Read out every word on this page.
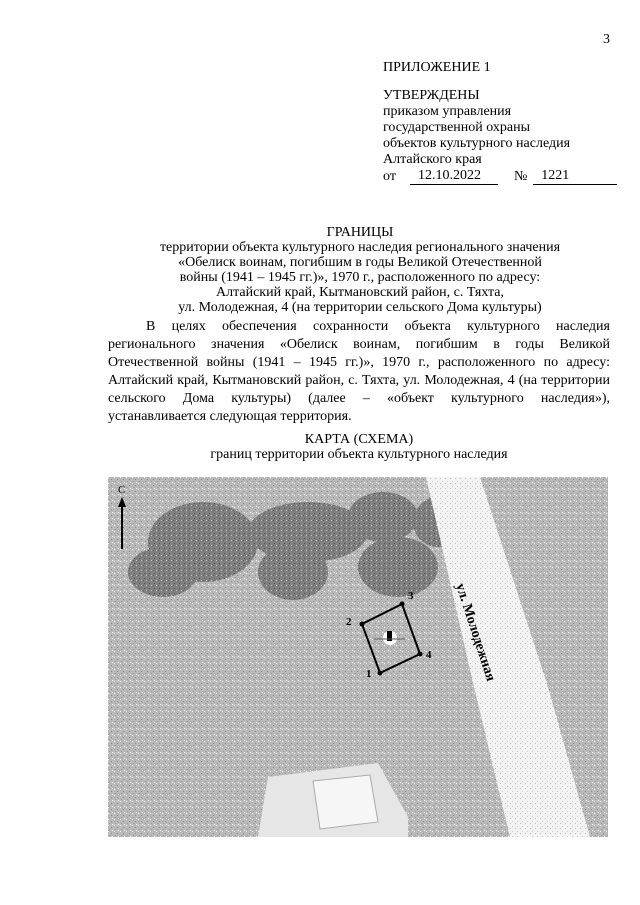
3
ПРИЛОЖЕНИЕ 1
УТВЕРЖДЕНЫ
приказом управления
государственной охраны
объектов культурного наследия
Алтайского края
от	12.10.2022	№	1221
ГРАНИЦЫ
территории объекта культурного наследия регионального значения
«Обелиск воинам, погибшим в годы Великой Отечественной
войны (1941 – 1945 гг.)», 1970 г., расположенного по адресу:
Алтайский край, Кытмановский район, с. Тяхта,
ул. Молодежная, 4 (на территории сельского Дома культуры)
В целях обеспечения сохранности объекта культурного наследия регионального значения «Обелиск воинам, погибшим в годы Великой Отечественной войны (1941 – 1945 гг.)», 1970 г., расположенного по адресу: Алтайский край, Кытмановский район, с. Тяхта, ул. Молодежная, 4 (на территории сельского Дома культуры) (далее – «объект культурного наследия»), устанавливается следующая территория.
КАРТА (СХЕМА)
границ территории объекта культурного наследия
С
ул. Молодежная
1
2
3
4
